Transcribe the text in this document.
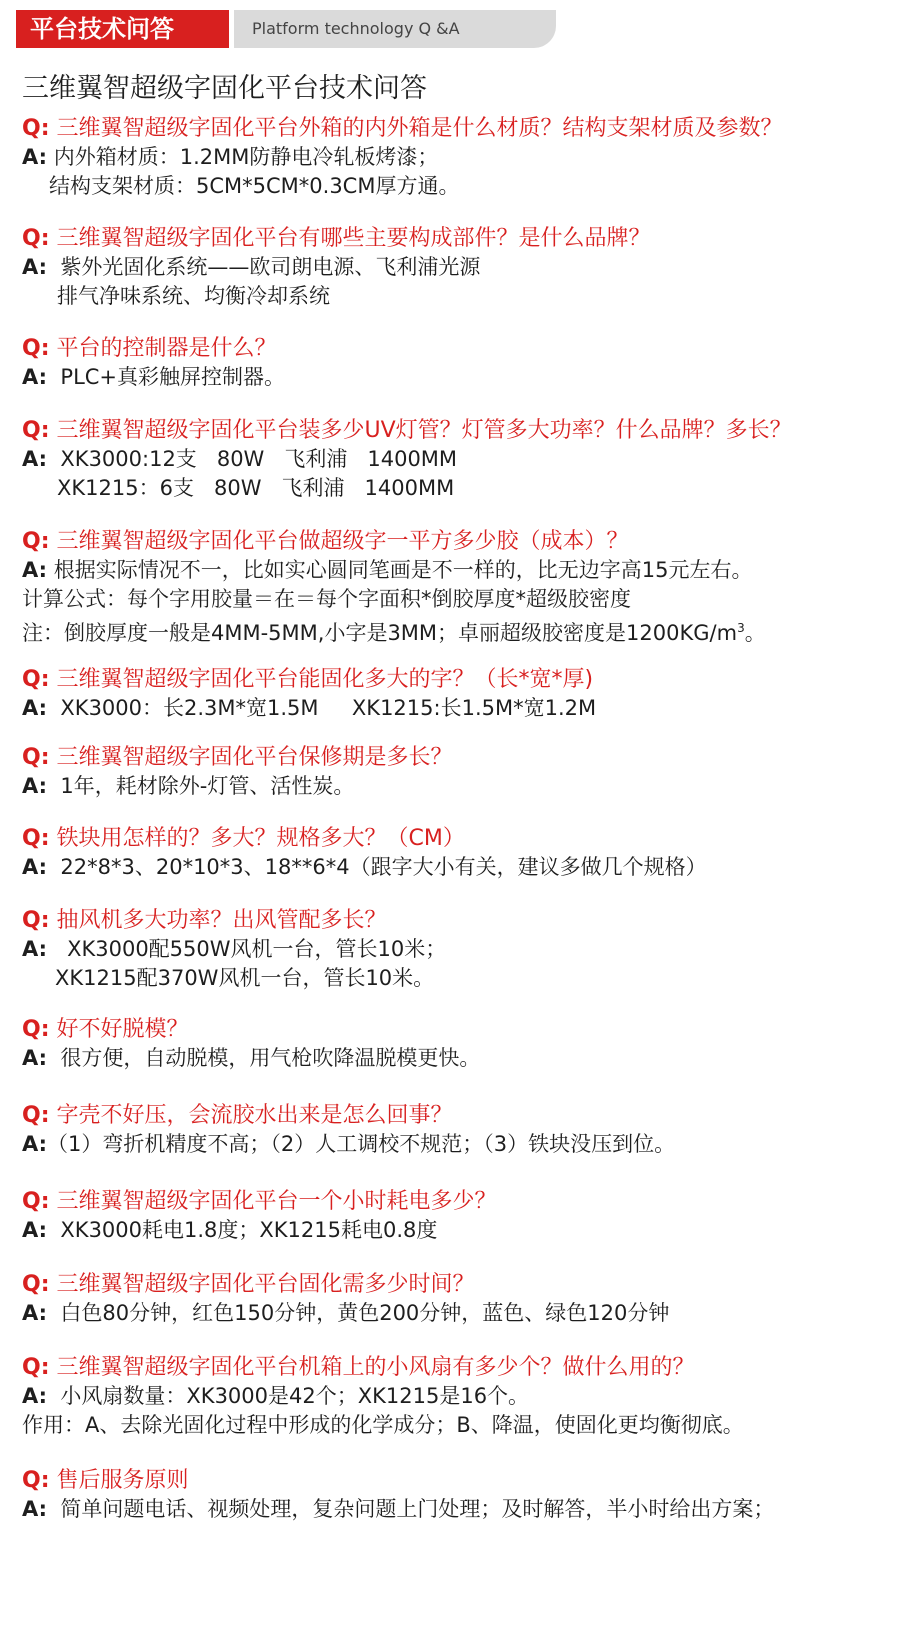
平台技术问答	Platform technology Q &A
三维翼智超级字固化平台技术问答
Q: 三维翼智超级字固化平台外箱的内外箱是什么材质？结构支架材质及参数？
A: 内外箱材质：1.2MM防静电冷轧板烤漆；
结构支架材质：5CM*5CM*0.3CM厚方通。
Q: 三维翼智超级字固化平台有哪些主要构成部件？是什么品牌？
A: 紫外光固化系统——欧司朗电源、飞利浦光源
排气净味系统、均衡冷却系统
Q: 平台的控制器是什么？
A: PLC+真彩触屏控制器。
Q: 三维翼智超级字固化平台装多少UV灯管？灯管多大功率？什么品牌？多长？
A: XK3000:12支   80W   飞利浦   1400MM
XK1215：6支   80W   飞利浦   1400MM
Q: 三维翼智超级字固化平台做超级字一平方多少胶（成本）？
A: 根据实际情况不一，比如实心圆同笔画是不一样的，比无边字高15元左右。
计算公式：每个字用胶量＝在＝每个字面积*倒胶厚度*超级胶密度
注：倒胶厚度一般是4MM-5MM,小字是3MM；卓丽超级胶密度是$1200KG/m^3$。
Q: 三维翼智超级字固化平台能固化多大的字？（长*宽*厚)
A: XK3000：长2.3M*宽1.5M     XK1215:长1.5M*宽1.2M
Q: 三维翼智超级字固化平台保修期是多长？
A: 1年，耗材除外-灯管、活性炭。
Q: 铁块用怎样的？多大？规格多大？（CM）
A: 22*8*3、20*10*3、18**6*4（跟字大小有关，建议多做几个规格）
Q: 抽风机多大功率？出风管配多长？
A: XK3000配550W风机一台，管长10米；
XK1215配370W风机一台，管长10米。
Q: 好不好脱模？
A: 很方便，自动脱模，用气枪吹降温脱模更快。
Q: 字壳不好压，会流胶水出来是怎么回事？
A:（1）弯折机精度不高；（2）人工调校不规范；（3）铁块没压到位。
Q: 三维翼智超级字固化平台一个小时耗电多少？
A: XK3000耗电1.8度；XK1215耗电0.8度
Q: 三维翼智超级字固化平台固化需多少时间？
A: 白色80分钟，红色150分钟，黄色200分钟，蓝色、绿色120分钟
Q: 三维翼智超级字固化平台机箱上的小风扇有多少个？做什么用的？
A: 小风扇数量：XK3000是42个；XK1215是16个。
作用：A、去除光固化过程中形成的化学成分；B、降温，使固化更均衡彻底。
Q: 售后服务原则
A: 简单问题电话、视频处理，复杂问题上门处理；及时解答，半小时给出方案；
